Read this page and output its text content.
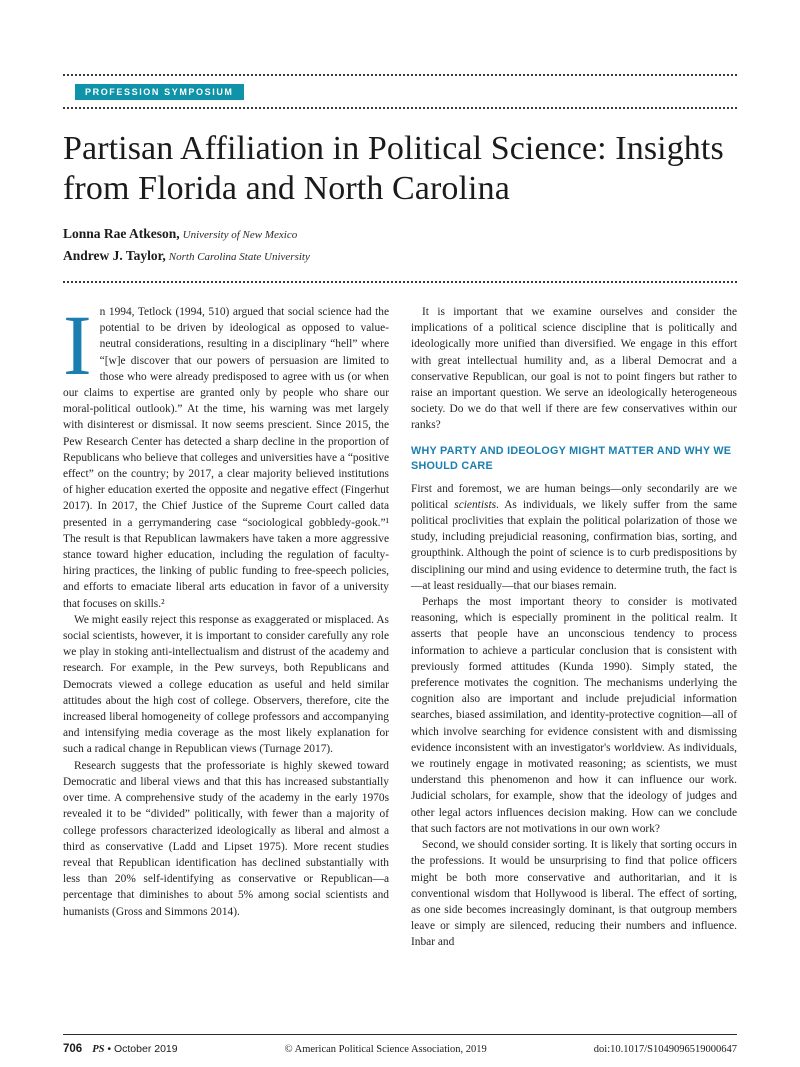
PROFESSION SYMPOSIUM
Partisan Affiliation in Political Science: Insights from Florida and North Carolina
Lonna Rae Atkeson, University of New Mexico
Andrew J. Taylor, North Carolina State University

In 1994, Tetlock (1994, 510) argued that social science had the potential to be driven by ideological as opposed to value-neutral considerations, resulting in a disciplinary “hell” where “[w]e discover that our powers of persuasion are limited to those who were already predisposed to agree with us (or when our claims to expertise are granted only by people who share our moral-political outlook).” At the time, his warning was met largely with disinterest or dismissal. It now seems prescient. Since 2015, the Pew Research Center has detected a sharp decline in the proportion of Republicans who believe that colleges and universities have a “positive effect” on the country; by 2017, a clear majority believed institutions of higher education exerted the opposite and negative effect (Fingerhut 2017). In 2017, the Chief Justice of the Supreme Court called data presented in a gerrymandering case “sociological gobbledy-gook.”¹ The result is that Republican lawmakers have taken a more aggressive stance toward higher education, including the regulation of faculty-hiring practices, the linking of public funding to free-speech policies, and efforts to emaciate liberal arts education in favor of a university that focuses on skills.²

We might easily reject this response as exaggerated or misplaced. As social scientists, however, it is important to consider carefully any role we play in stoking anti-intellectualism and distrust of the academy and research. For example, in the Pew surveys, both Republicans and Democrats viewed a college education as useful and held similar attitudes about the high cost of college. Observers, therefore, cite the increased liberal homogeneity of college professors and accompanying and intensifying media coverage as the most likely explanation for such a radical change in Republican views (Turnage 2017).

Research suggests that the professoriate is highly skewed toward Democratic and liberal views and that this has increased substantially over time. A comprehensive study of the academy in the early 1970s revealed it to be “divided” politically, with fewer than a majority of college professors characterized ideologically as liberal and almost a third as conservative (Ladd and Lipset 1975). More recent studies reveal that Republican identification has declined substantially with less than 20% self-identifying as conservative or Republican—a percentage that diminishes to about 5% among social scientists and humanists (Gross and Simmons 2014).

It is important that we examine ourselves and consider the implications of a political science discipline that is politically and ideologically more unified than diversified. We engage in this effort with great intellectual humility and, as a liberal Democrat and a conservative Republican, our goal is not to point fingers but rather to raise an important question. We serve an ideologically heterogeneous society. Do we do that well if there are few conservatives within our ranks?

WHY PARTY AND IDEOLOGY MIGHT MATTER AND WHY WE SHOULD CARE

First and foremost, we are human beings—only secondarily are we political scientists. As individuals, we likely suffer from the same political proclivities that explain the political polarization of those we study, including prejudicial reasoning, confirmation bias, sorting, and groupthink. Although the point of science is to curb predispositions by disciplining our mind and using evidence to determine truth, the fact is—at least residually—that our biases remain.

Perhaps the most important theory to consider is motivated reasoning, which is especially prominent in the political realm. It asserts that people have an unconscious tendency to process information to achieve a particular conclusion that is consistent with previously formed attitudes (Kunda 1990). Simply stated, the preference motivates the cognition. The mechanisms underlying the cognition also are important and include prejudicial information searches, biased assimilation, and identity-protective cognition—all of which involve searching for evidence consistent with and dismissing evidence inconsistent with an investigator's worldview. As individuals, we routinely engage in motivated reasoning; as scientists, we must understand this phenomenon and how it can influence our work. Judicial scholars, for example, show that the ideology of judges and other legal actors influences decision making. How can we conclude that such factors are not motivations in our own work?

Second, we should consider sorting. It is likely that sorting occurs in the professions. It would be unsurprising to find that police officers might be both more conservative and authoritarian, and it is conventional wisdom that Hollywood is liberal. The effect of sorting, as one side becomes increasingly dominant, is that outgroup members leave or simply are silenced, reducing their numbers and influence. Inbar and

706 PS • October 2019	© American Political Science Association, 2019	doi:10.1017/S1049096519000647
